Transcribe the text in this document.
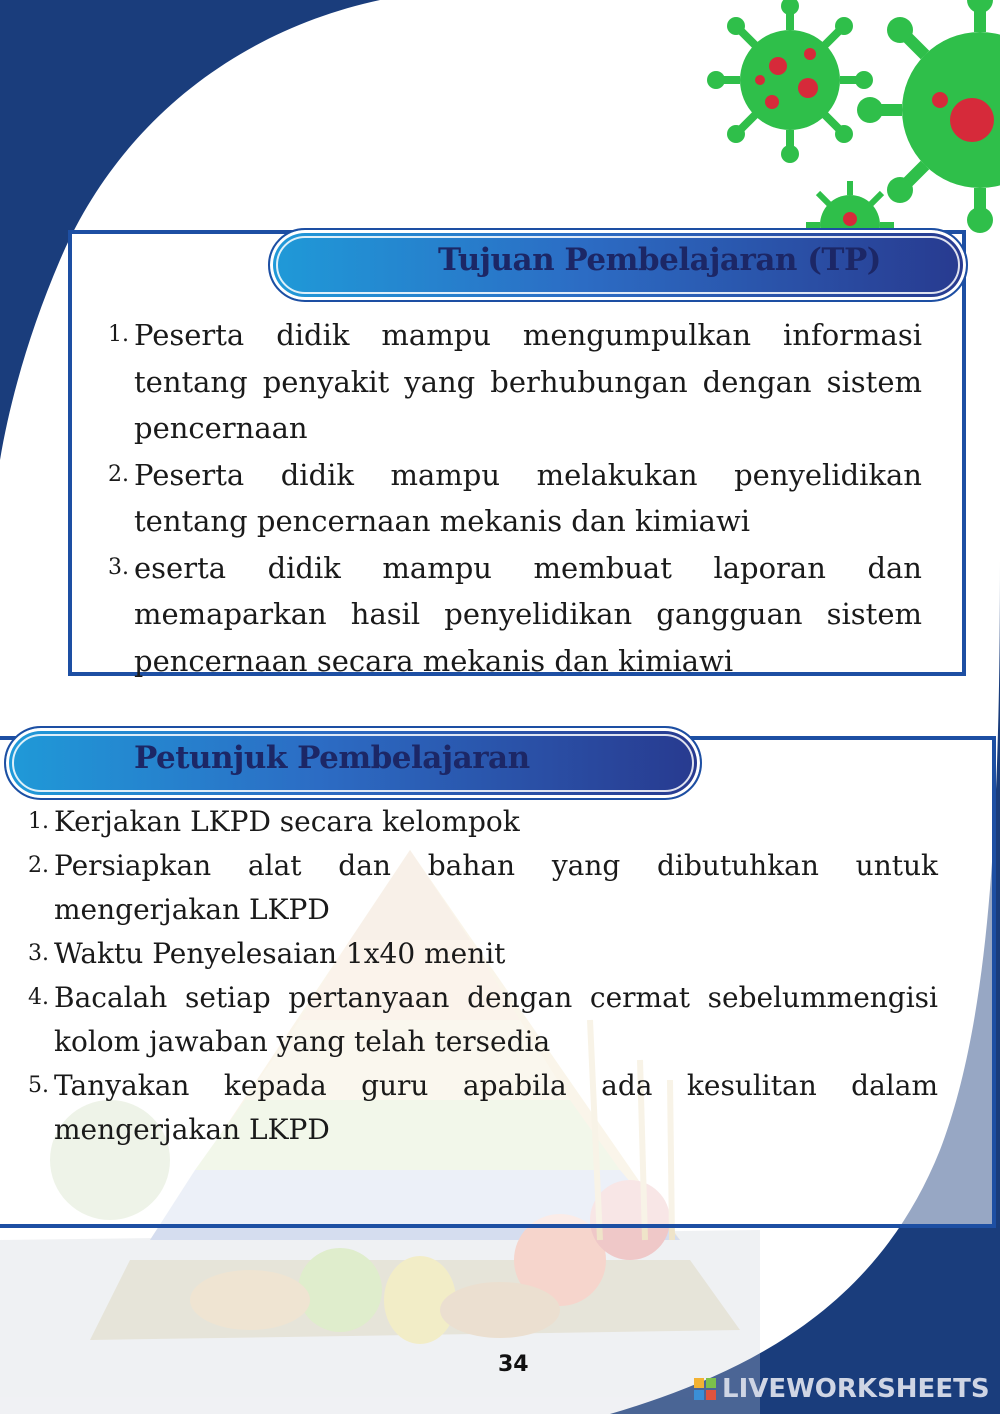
Tujuan Pembelajaran (TP)
1. Peserta didik mampu mengumpulkan informasi tentang penyakit yang berhubungan dengan sistem pencernaan
2. Peserta didik mampu melakukan penyelidikan tentang pencernaan mekanis dan kimiawi
3. eserta didik mampu membuat laporan dan memaparkan hasil penyelidikan gangguan sistem pencernaan secara mekanis dan kimiawi
Petunjuk Pembelajaran
1. Kerjakan LKPD secara kelompok
2. Persiapkan alat dan bahan yang dibutuhkan untuk mengerjakan LKPD
3. Waktu Penyelesaian 1x40 menit
4. Bacalah setiap pertanyaan dengan cermat sebelummengisi kolom jawaban yang telah tersedia
5. Tanyakan kepada guru apabila ada kesulitan dalam mengerjakan LKPD
34
LIVEWORKSHEETS
